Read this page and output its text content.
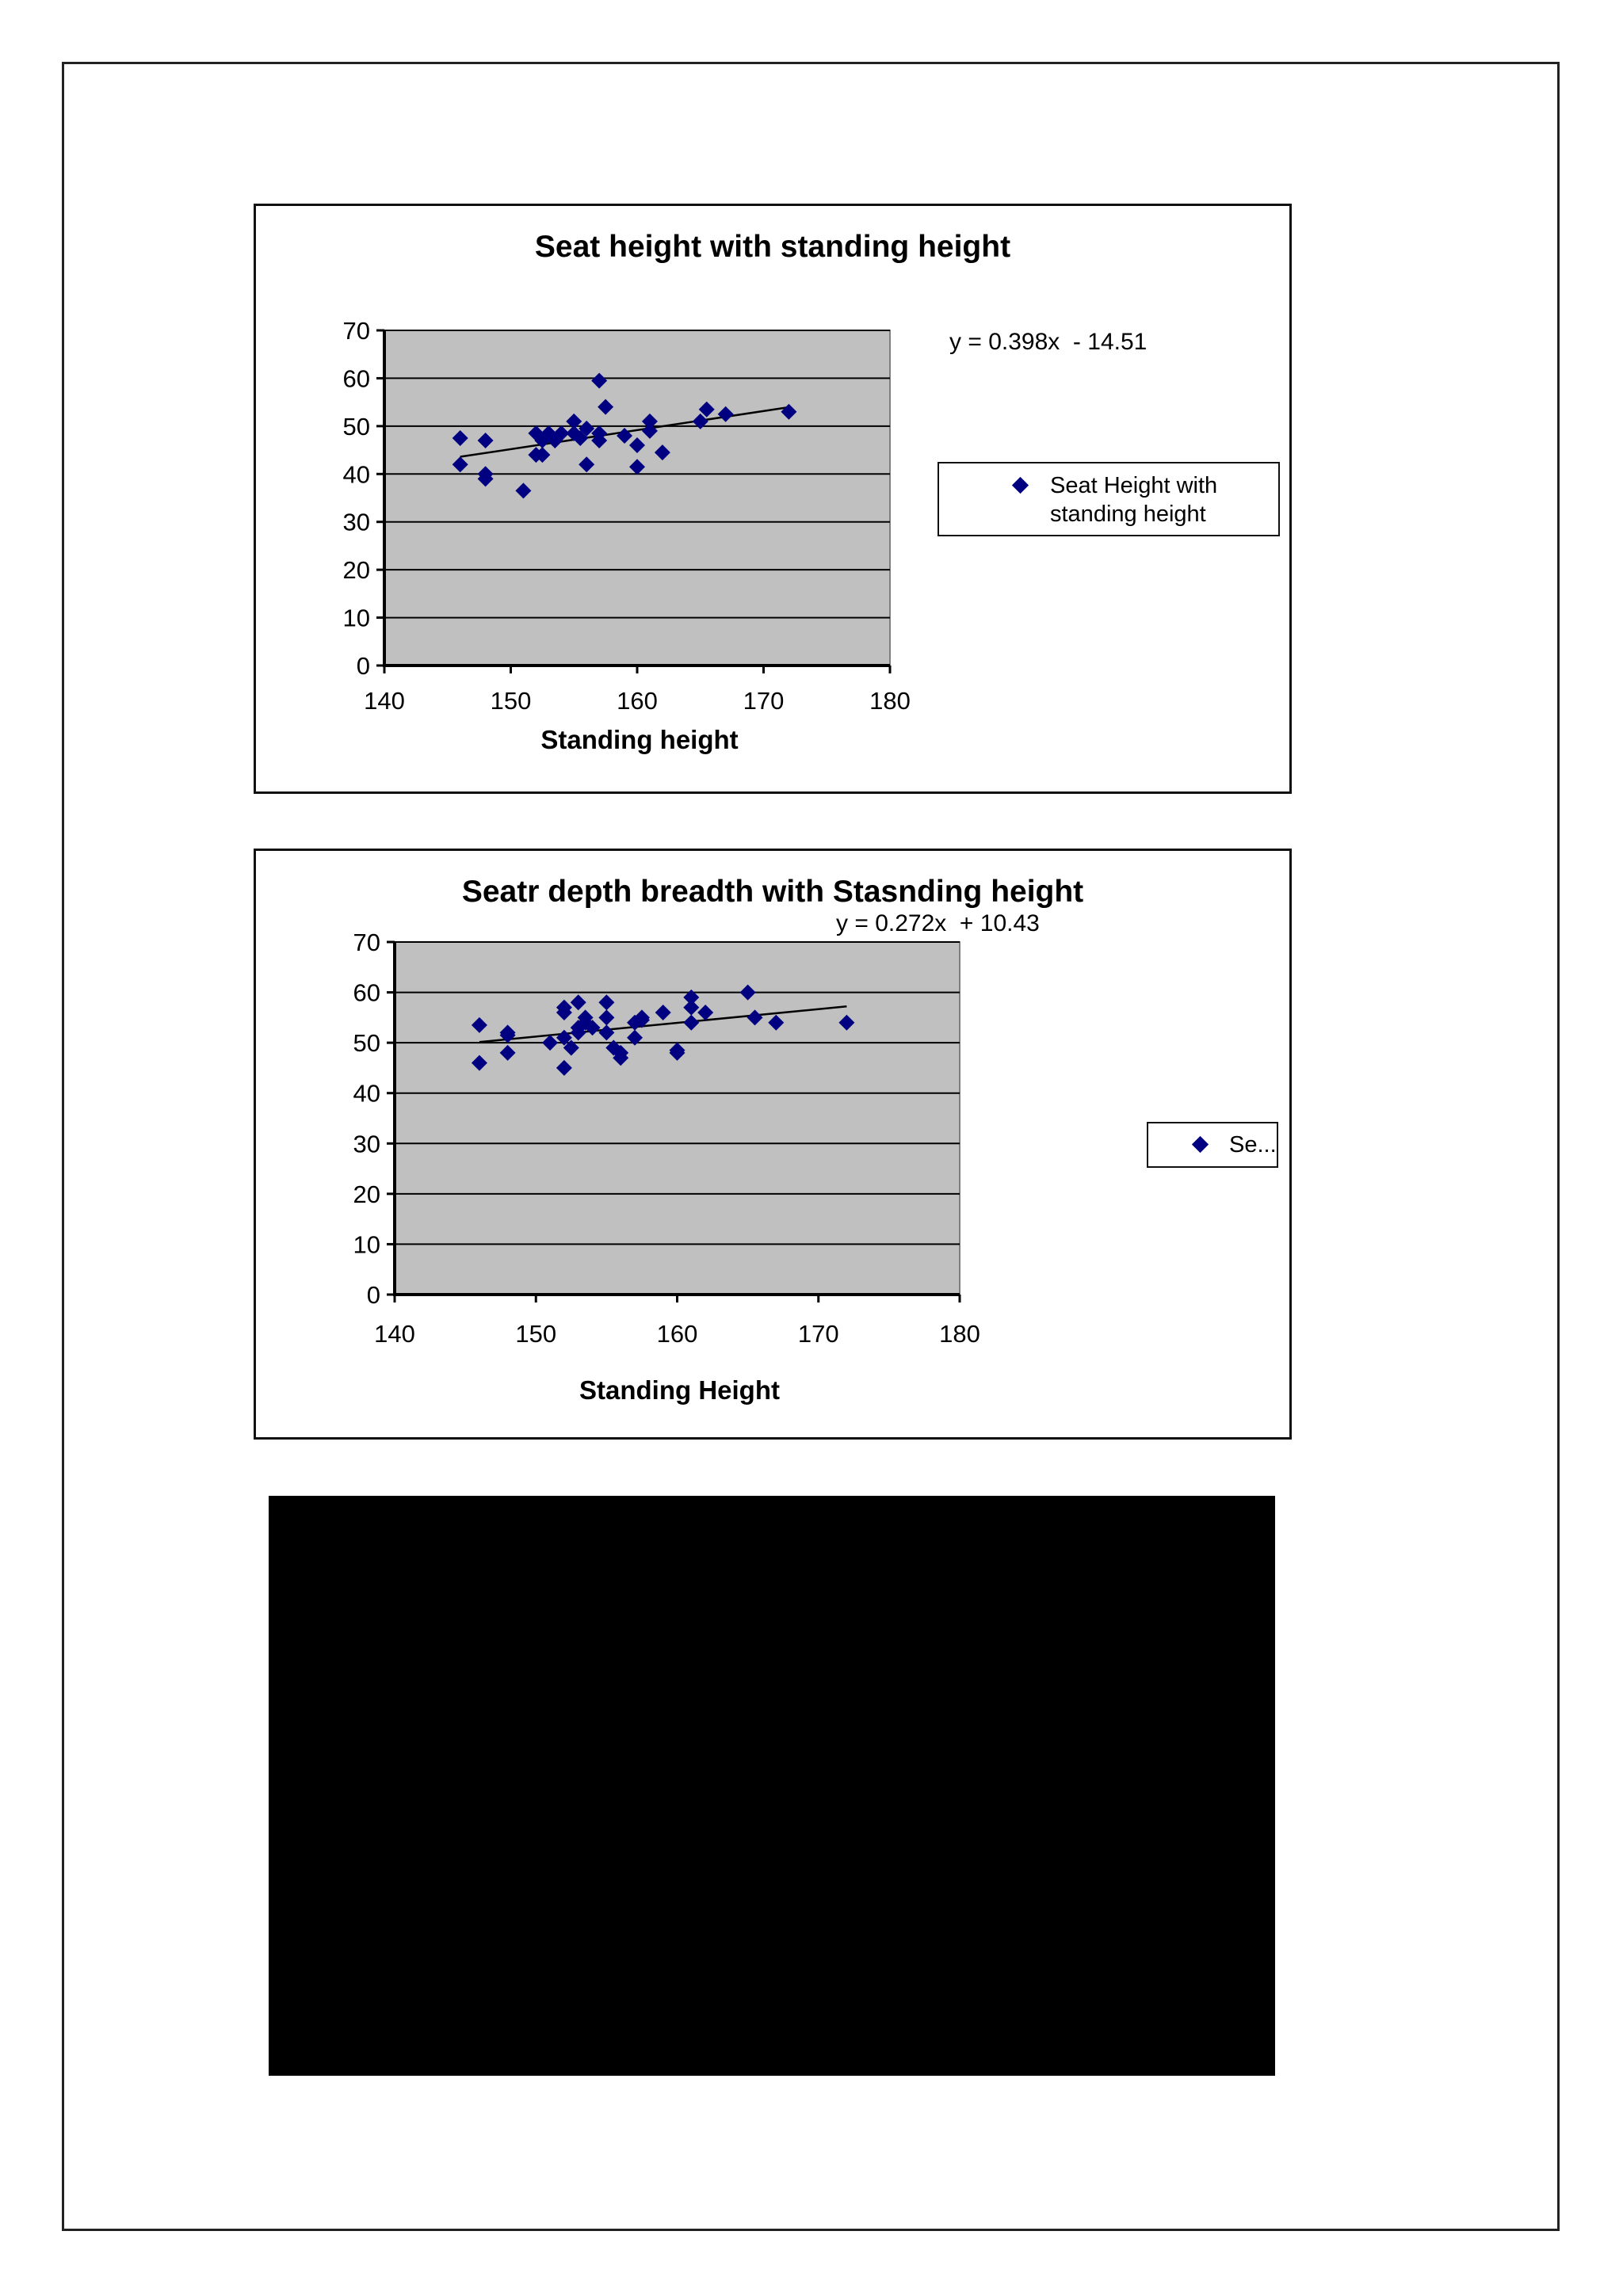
Seat height with standing height
0
10
20
30
40
50
60
70
140	150	160	170	180
Standing height
y = 0.398x  - 14.51
Seat Height with
standing height
Seatr depth breadth with Stasnding height
0
10
20
30
40
50
60
70
140	150	160	170	180
Standing Height
y = 0.272x  + 10.43
Se...
